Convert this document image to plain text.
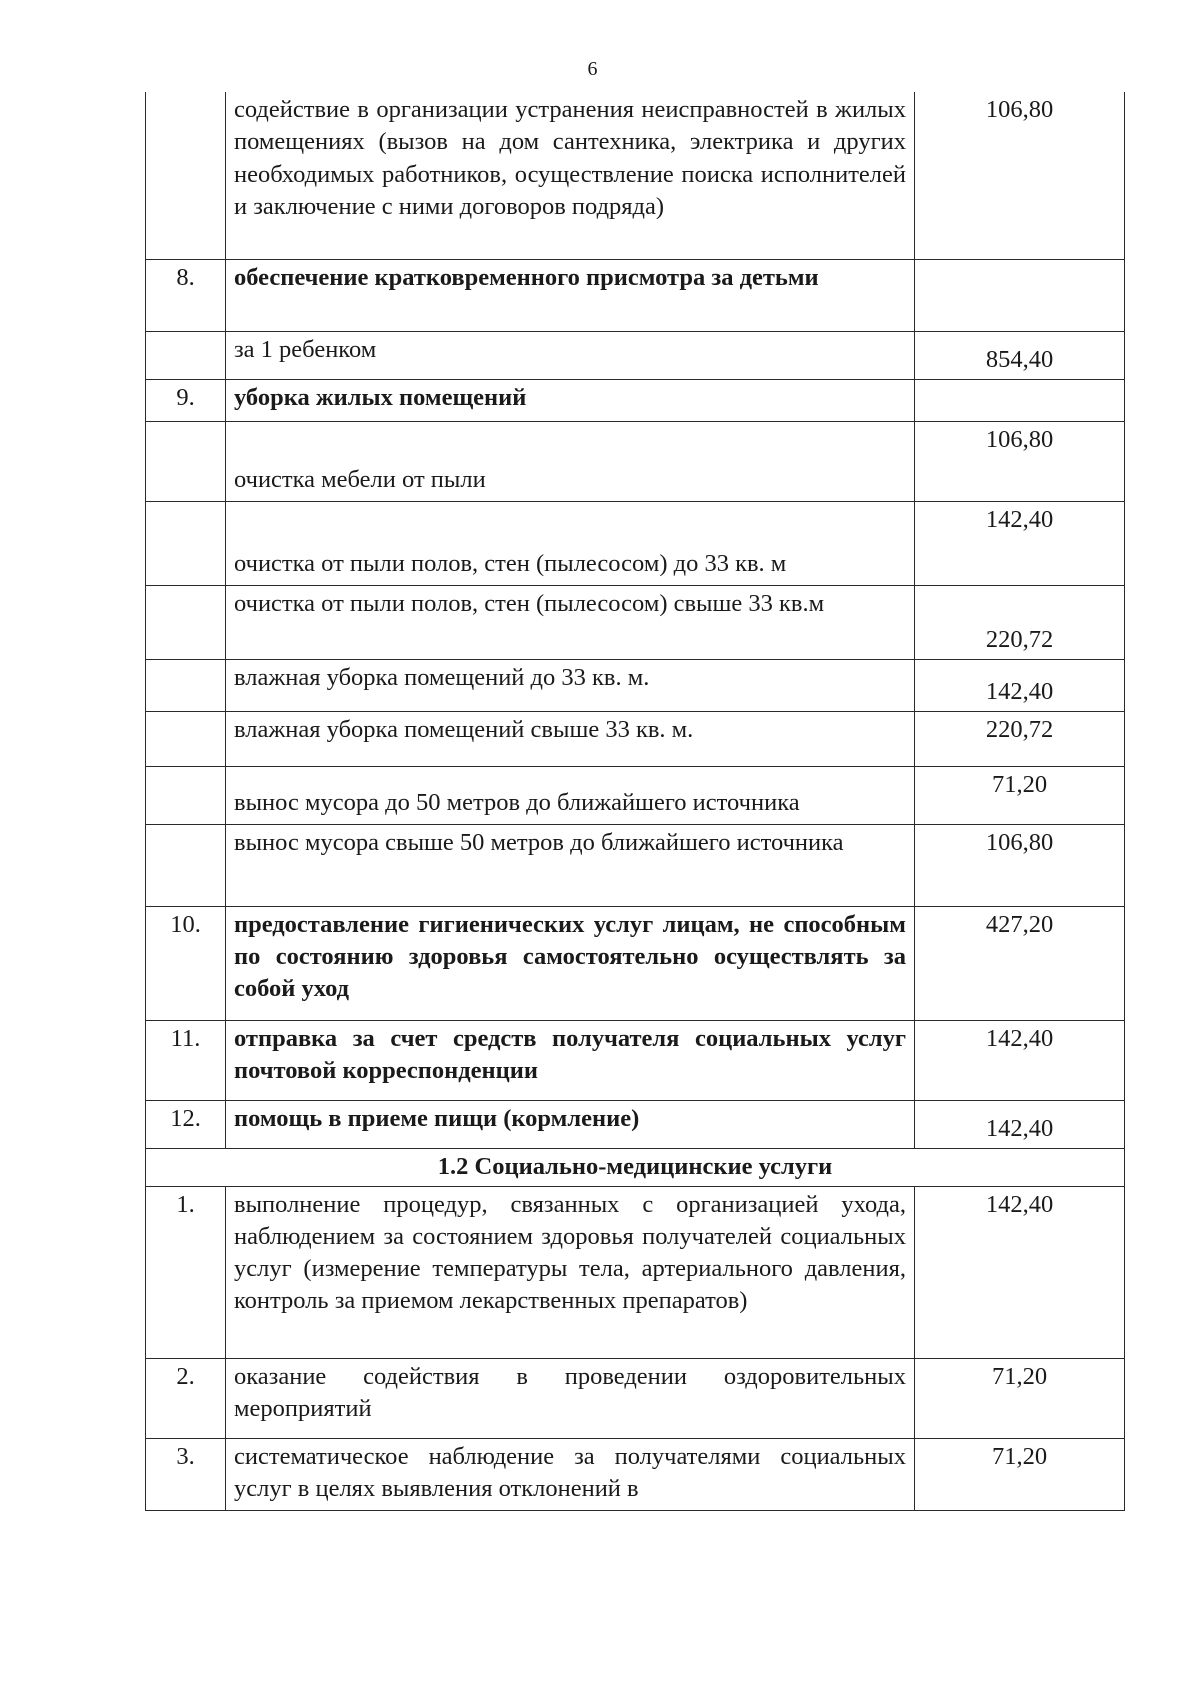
6
	содействие в организации устранения неисправностей в жилых помещениях (вызов на дом сантехника, электрика и других необходимых работников, осуществление поиска исполнителей и заключение с ними договоров подряда)	106,80
8.	обеспечение кратковременного присмотра за детьми	
	за 1 ребенком	854,40
9.	уборка жилых помещений	
	очистка мебели от пыли	106,80
	очистка от пыли полов, стен (пылесосом) до 33 кв. м	142,40
	очистка от пыли полов, стен (пылесосом) свыше 33 кв.м	220,72
	влажная уборка помещений до 33 кв. м.	142,40
	влажная уборка помещений свыше 33 кв. м.	220,72
	вынос мусора до 50 метров до ближайшего источника	71,20
	вынос мусора свыше 50 метров до ближайшего источника	106,80
10.	предоставление гигиенических услуг лицам, не способным по состоянию здоровья самостоятельно осуществлять за собой уход	427,20
11.	отправка за счет средств получателя социальных услуг почтовой корреспонденции	142,40
12.	помощь в приеме пищи (кормление)	142,40
1.2 Социально-медицинские услуги		
1.	выполнение процедур, связанных с организацией ухода, наблюдением за состоянием здоровья получателей социальных услуг (измерение температуры тела, артериального давления, контроль за приемом лекарственных препаратов)	142,40
2.	оказание содействия в проведении оздоровительных мероприятий	71,20
3.	систематическое наблюдение за получателями социальных услуг в целях выявления отклонений в	71,20
